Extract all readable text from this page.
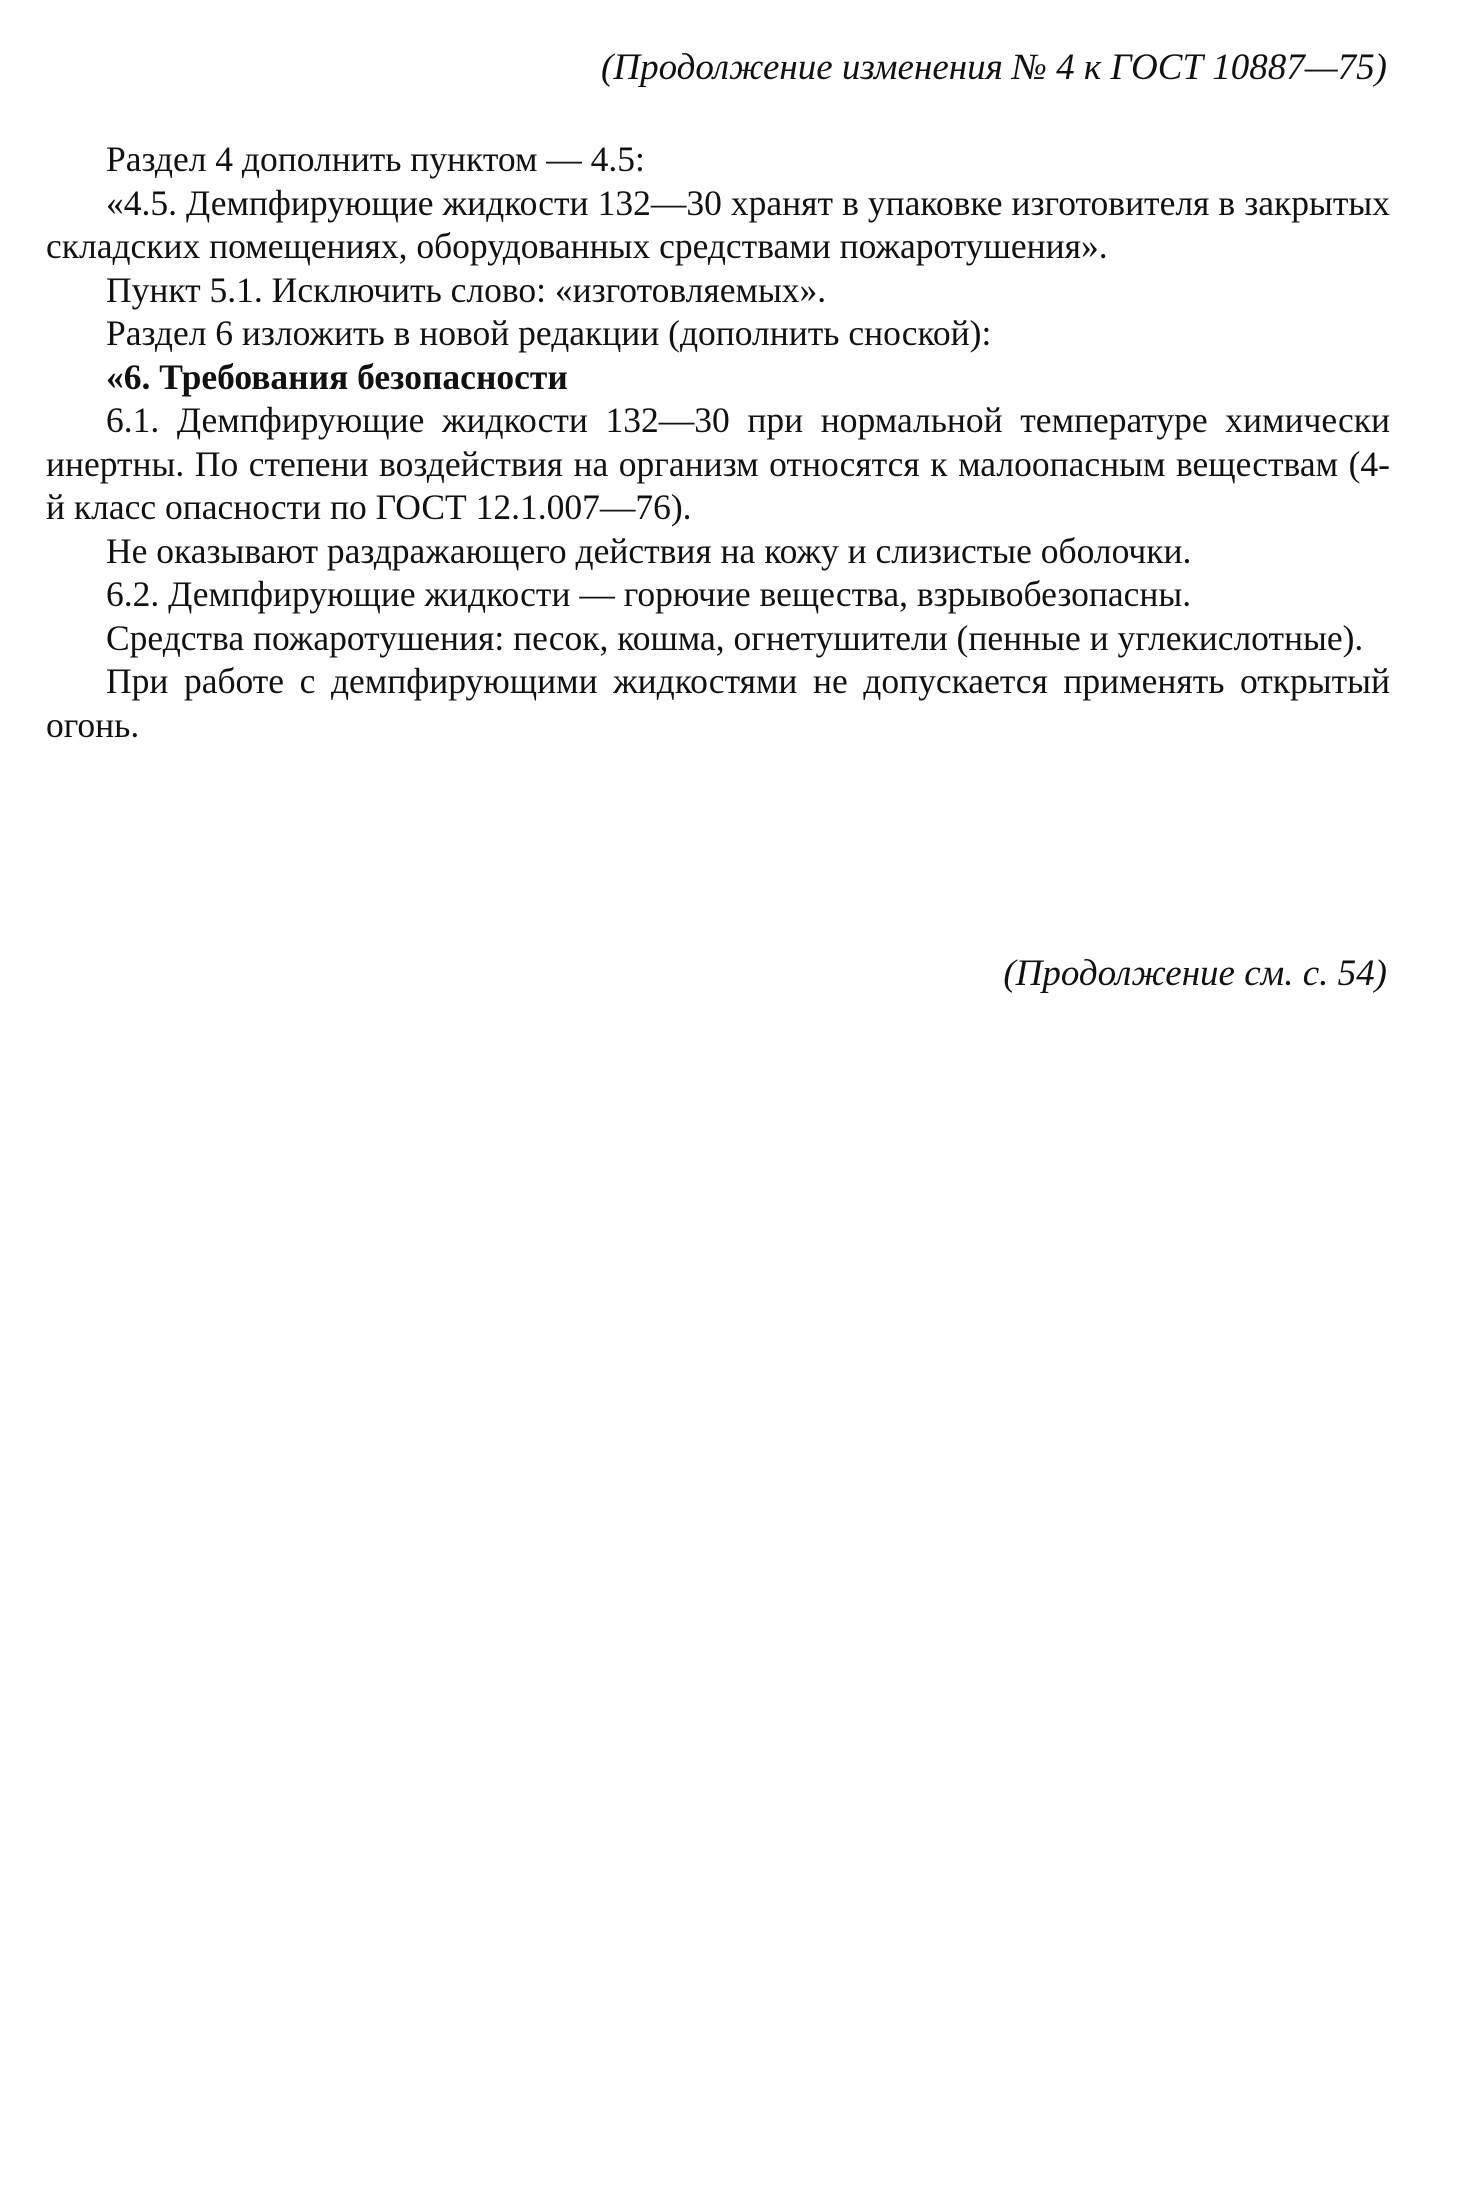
(Продолжение изменения № 4 к ГОСТ 10887—75)

Раздел 4 дополнить пунктом — 4.5:

«4.5. Демпфирующие жидкости 132—30 хранят в упаковке изготовителя в закрытых складских помещениях, оборудованных средствами пожаротушения».

Пункт 5.1. Исключить слово: «изготовляемых».

Раздел 6 изложить в новой редакции (дополнить сноской):

«6. Требования безопасности

6.1. Демпфирующие жидкости 132—30 при нормальной температуре химически инертны. По степени воздействия на организм относятся к малоопасным веществам (4-й класс опасности по ГОСТ 12.1.007—76).

Не оказывают раздражающего действия на кожу и слизистые оболочки.

6.2. Демпфирующие жидкости — горючие вещества, взрывобезопасны.

Средства пожаротушения: песок, кошма, огнетушители (пенные и углекислотные).

При работе с демпфирующими жидкостями не допускается применять открытый огонь.

(Продолжение см. с. 54)
